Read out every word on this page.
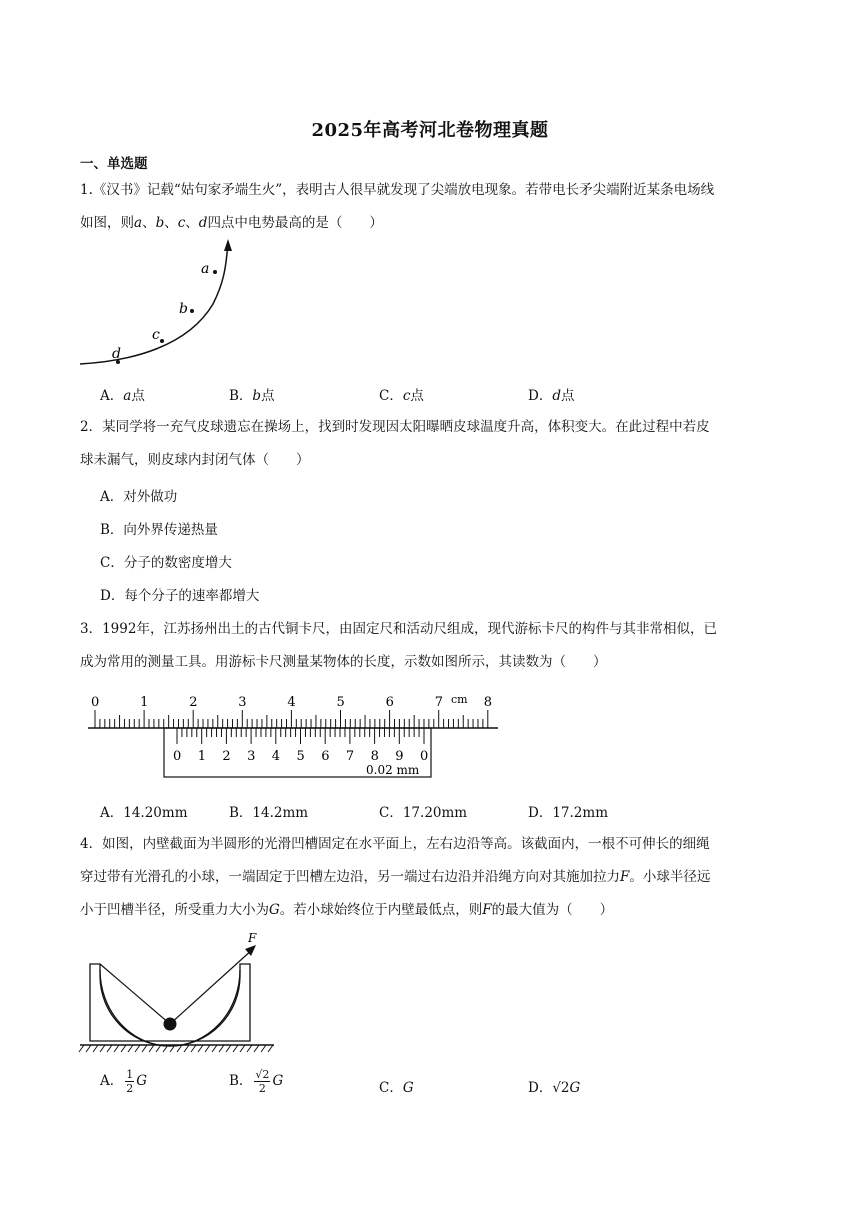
2025年高考河北卷物理真题
一、单选题
1.《汉书》记载“姑句家矛端生火”，表明古人很早就发现了尖端放电现象。若带电长矛尖端附近某条电场线
如图，则a、b、c、d四点中电势最高的是（　　）
a
b
c
d
A．a点	B．b点	C．c点	D．d点
2．某同学将一充气皮球遗忘在操场上，找到时发现因太阳曝晒皮球温度升高，体积变大。在此过程中若皮
球未漏气，则皮球内封闭气体（　　）
A．对外做功
B．向外界传递热量
C．分子的数密度增大
D．每个分子的速率都增大
3．1992年，江苏扬州出土的古代铜卡尺，由固定尺和活动尺组成，现代游标卡尺的构件与其非常相似，已
成为常用的测量工具。用游标卡尺测量某物体的长度，示数如图所示，其读数为（　　）
0	1	2	3	4	5	6	7	8
cm
0 1 2 3 4 5 6 7 8 9 0
0.02 mm
A．14.20mm	B．14.2mm	C．17.20mm	D．17.2mm
4．如图，内壁截面为半圆形的光滑凹槽固定在水平面上，左右边沿等高。该截面内，一根不可伸长的细绳
穿过带有光滑孔的小球，一端固定于凹槽左边沿，另一端过右边沿并沿绳方向对其施加拉力F。小球半径远
小于凹槽半径，所受重力大小为G。若小球始终位于内壁最低点，则F的最大值为（　　）
F
A． $\frac{1}{2}$ G	B． $\frac{√2}{2}$ G	C．G	D．√2G
